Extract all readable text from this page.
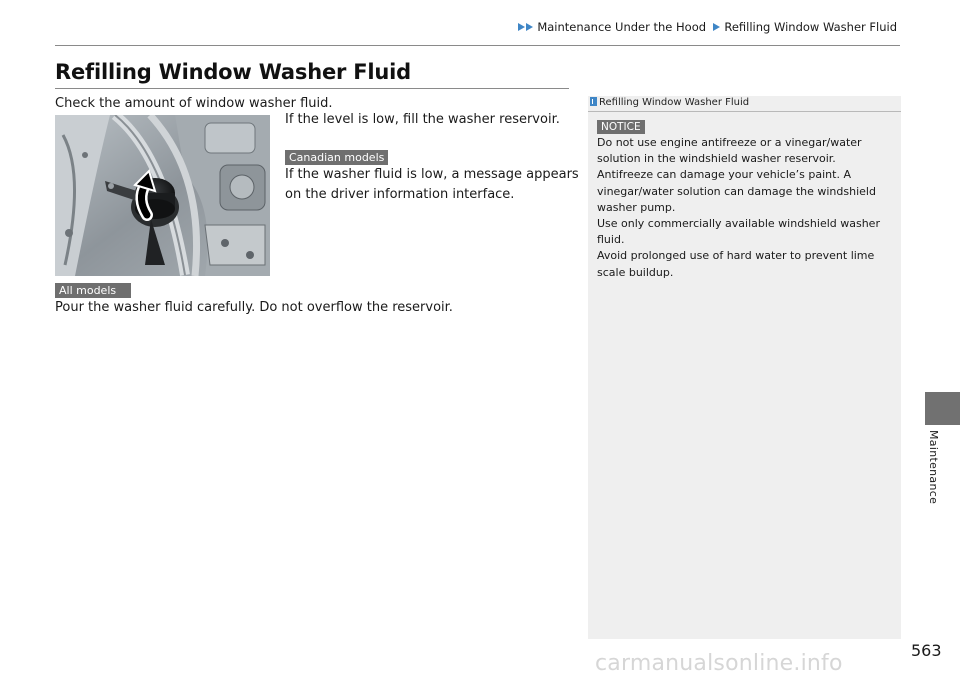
Maintenance Under the Hood Refilling Window Washer Fluid
Refilling Window Washer Fluid
Check the amount of window washer fluid.
If the level is low, fill the washer reservoir.
Canadian models
If the washer fluid is low, a message appears
on the driver information interface.
All models
Pour the washer fluid carefully. Do not overflow the reservoir.
Refilling Window Washer Fluid
NOTICE
Do not use engine antifreeze or a vinegar/water
solution in the windshield washer reservoir.
Antifreeze can damage your vehicle’s paint. A
vinegar/water solution can damage the windshield
washer pump.
Use only commercially available windshield washer
fluid.
Avoid prolonged use of hard water to prevent lime
scale buildup.
Maintenance
563
carmanualsonline.info
